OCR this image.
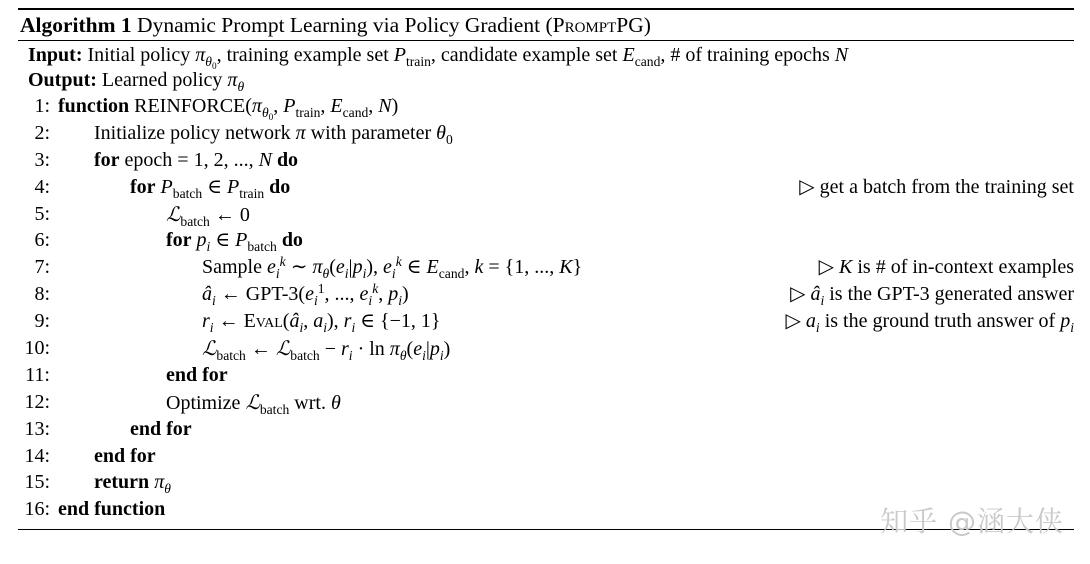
Algorithm 1 Dynamic Prompt Learning via Policy Gradient (PromptPG)
Input: Initial policy $\pi_{\theta_0}$, training example set $P_{train}$, candidate example set $E_{cand}$, # of training epochs N
Output: Learned policy $\pi_\theta$
1: function $REINFORCE(\pi_{\theta_0}$, $P_{train}$, $E_{cand}$, N)
2: Initialize policy network π with parameter $\theta_0$
3: for epoch = 1, 2, ..., N do
4:	for $P_{batch}$ ∈ $P_{train}$ do	▷ get a batch from the training set
5:	ℒ$_{batch}$ ← 0
6:	for $p_i$ ∈ $P_{batch}$ do
7:	Sample $e_i^k$ ∼ $\pi_\theta(e_i|p_i)$, $e_i^k$ ∈ $E_{cand}$, k = {1, ..., K}	▷ K is # of in-context examples
8:	$â_i$ ← GPT-$3(e_i^1$, ..., $e_i^k$, $p_i$)	▷ $â_i$ is the GPT-3 generated answer
9:	$r_i$ ← $Eval(â_i$, $a_i$), $r_i$ ∈ {−1, 1}	▷ $a_i$ is the ground truth answer of $p_i$
10:	ℒ$_{batch}$ ← ℒ$_{batch}$ − $r_i \cdot \ln \pi_\theta(e_i|p_i)$
11:	end for
12:	Optimize ℒ$_{batch}$ wrt. θ
13:	end for
14: end for
15: return $\pi_\theta$
16: end function	知乎 @涵大侠
